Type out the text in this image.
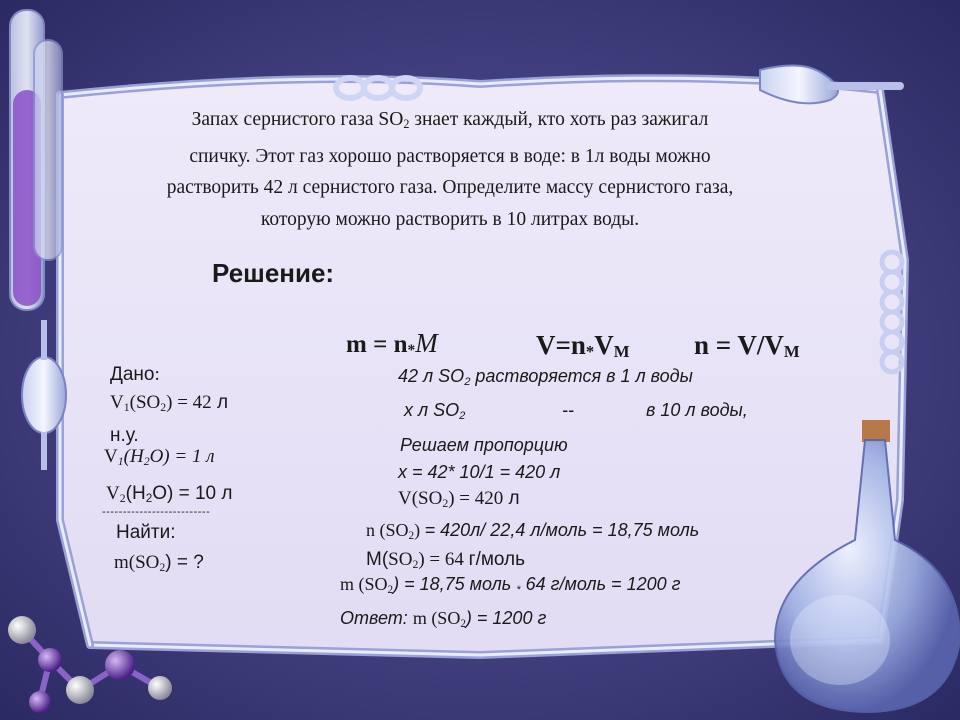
Запах сернистого газа $SO_2$ знает каждый, кто хоть раз зажигал
спичку. Этот газ хорошо растворяется в воде: в 1л воды можно
растворить 42 л сернистого газа. Определите массу сернистого газа,
которую можно растворить в 10 литрах воды.
Решение:
$m = n_*M$	$V=n_*V_M$ $n = V/V_M$
Дано:
$V_1(SO_2) = 42$ л
н.у.
$V_1(H_2O) = 1$ л
$V_2(H_2O) = 10$ л
--------------------------
Найти:
$m(SO_2)$ = ?
42 л $SO_2$ растворяется в 1 л воды
х л $SO_2$	--	в 10 л воды,
Решаем пропорцию
х = 42* 10/1 = 420 л
$V(SO_2) = 420$ л
n $(SO_2) = 420л/$ 22,4 л/моль = 18,75 моль
$M(SO_2) = 64$ г/моль
m $(SO_2) = 18,75$ моль $_*$ 64 г/моль = 1200 г
Ответ: m $(SO_2) = 1200$ г
